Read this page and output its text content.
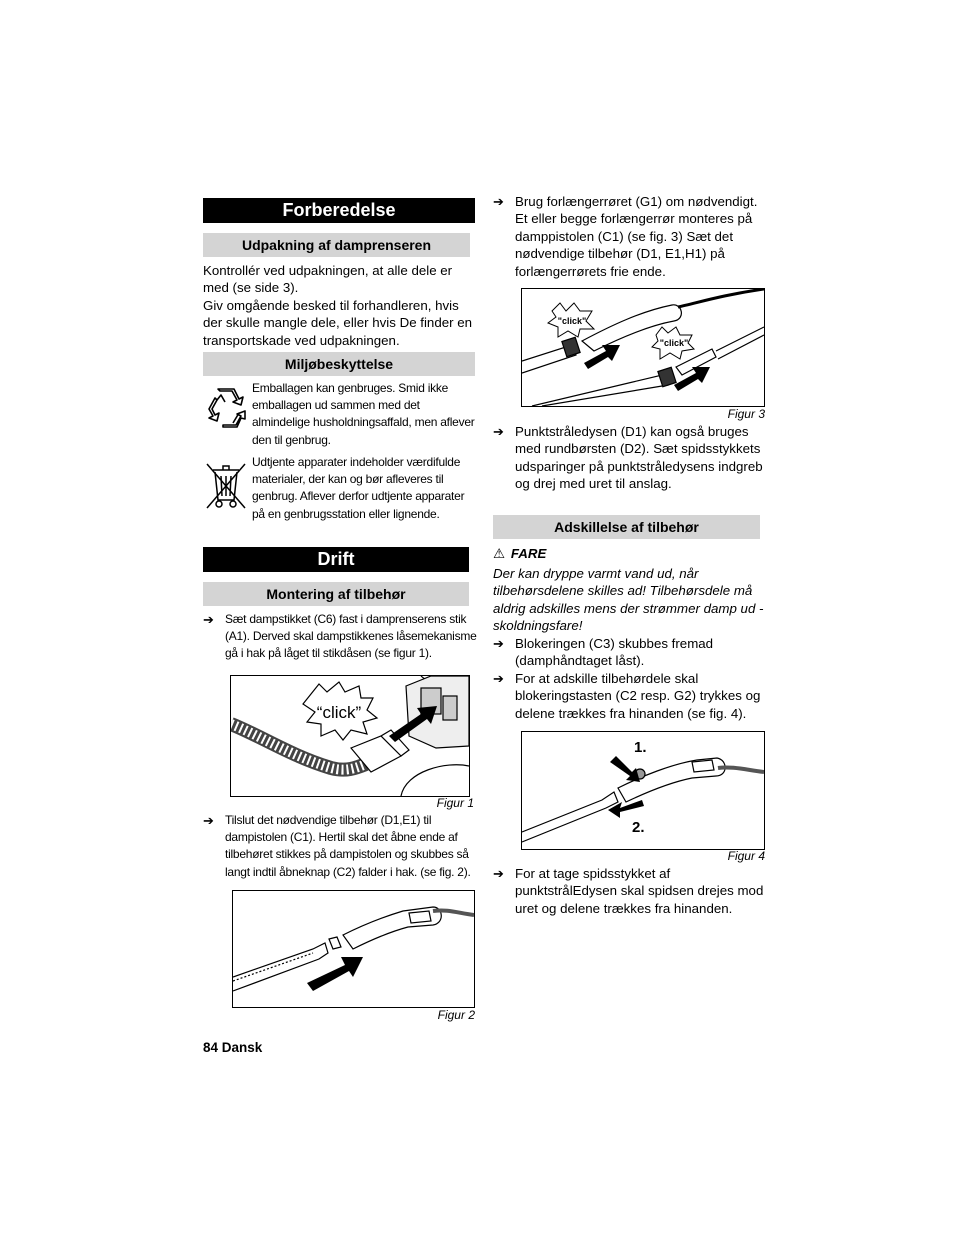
Forberedelse
Udpakning af damprenseren

Kontrollér ved udpakningen, at alle dele er med (se side 3).

Giv omgående besked til forhandleren, hvis der skulle mangle dele, eller hvis De finder en transportskade ved udpakningen.

Miljøbeskyttelse
Emballagen kan genbruges. Smid ikke emballagen ud sammen med det almindelige husholdningsaffald, men aflever den til genbrug.
Udtjente apparater indeholder værdifulde materialer, der kan og bør afleveres til genbrug. Aflever derfor udtjente apparater på en genbrugsstation eller lignende.
Drift
Montering af tilbehør
➔ Sæt dampstikket (C6) fast i damprenserens stik (A1). Derved skal dampstikkenes låsemekanisme gå i hak på låget til stikdåsen (se figur 1).
“click”
Figur 1
➔ Tilslut det nødvendige tilbehør (D1,E1) til dampistolen (C1). Hertil skal det åbne ende af tilbehøret stikkes på dampistolen og skubbes så langt indtil åbneknap (C2) falder i hak. (se fig. 2).
Figur 2
➔ Brug forlængerrøret (G1) om nødvendigt. Et eller begge forlængerrør monteres på damppistolen (C1) (se fig. 3) Sæt det nødvendige tilbehør (D1, E1,H1) på forlængerrørets frie ende.
"click"
"click"
Figur 3
➔ Punktstråledysen (D1) kan også bruges med rundbørsten (D2). Sæt spidsstykkets udsparinger på punktstråledysens indgreb og drej med uret til anslag.
Adskillelse af tilbehør
⚠ FARE
Der kan dryppe varmt vand ud, når tilbehørsdelene skilles ad! Tilbehørsdele må aldrig adskilles mens der strømmer damp ud - skoldningsfare!
➔ Blokeringen (C3) skubbes fremad (damphåndtaget låst).
➔ For at adskille tilbehørdele skal blokeringstasten (C2 resp. G2) trykkes og delene trækkes fra hinanden (se fig. 4).
1.
2.
Figur 4
➔ For at tage spidsstykket af punktstrålEdysen skal spidsen drejes mod uret og delene trækkes fra hinanden.
84 Dansk
